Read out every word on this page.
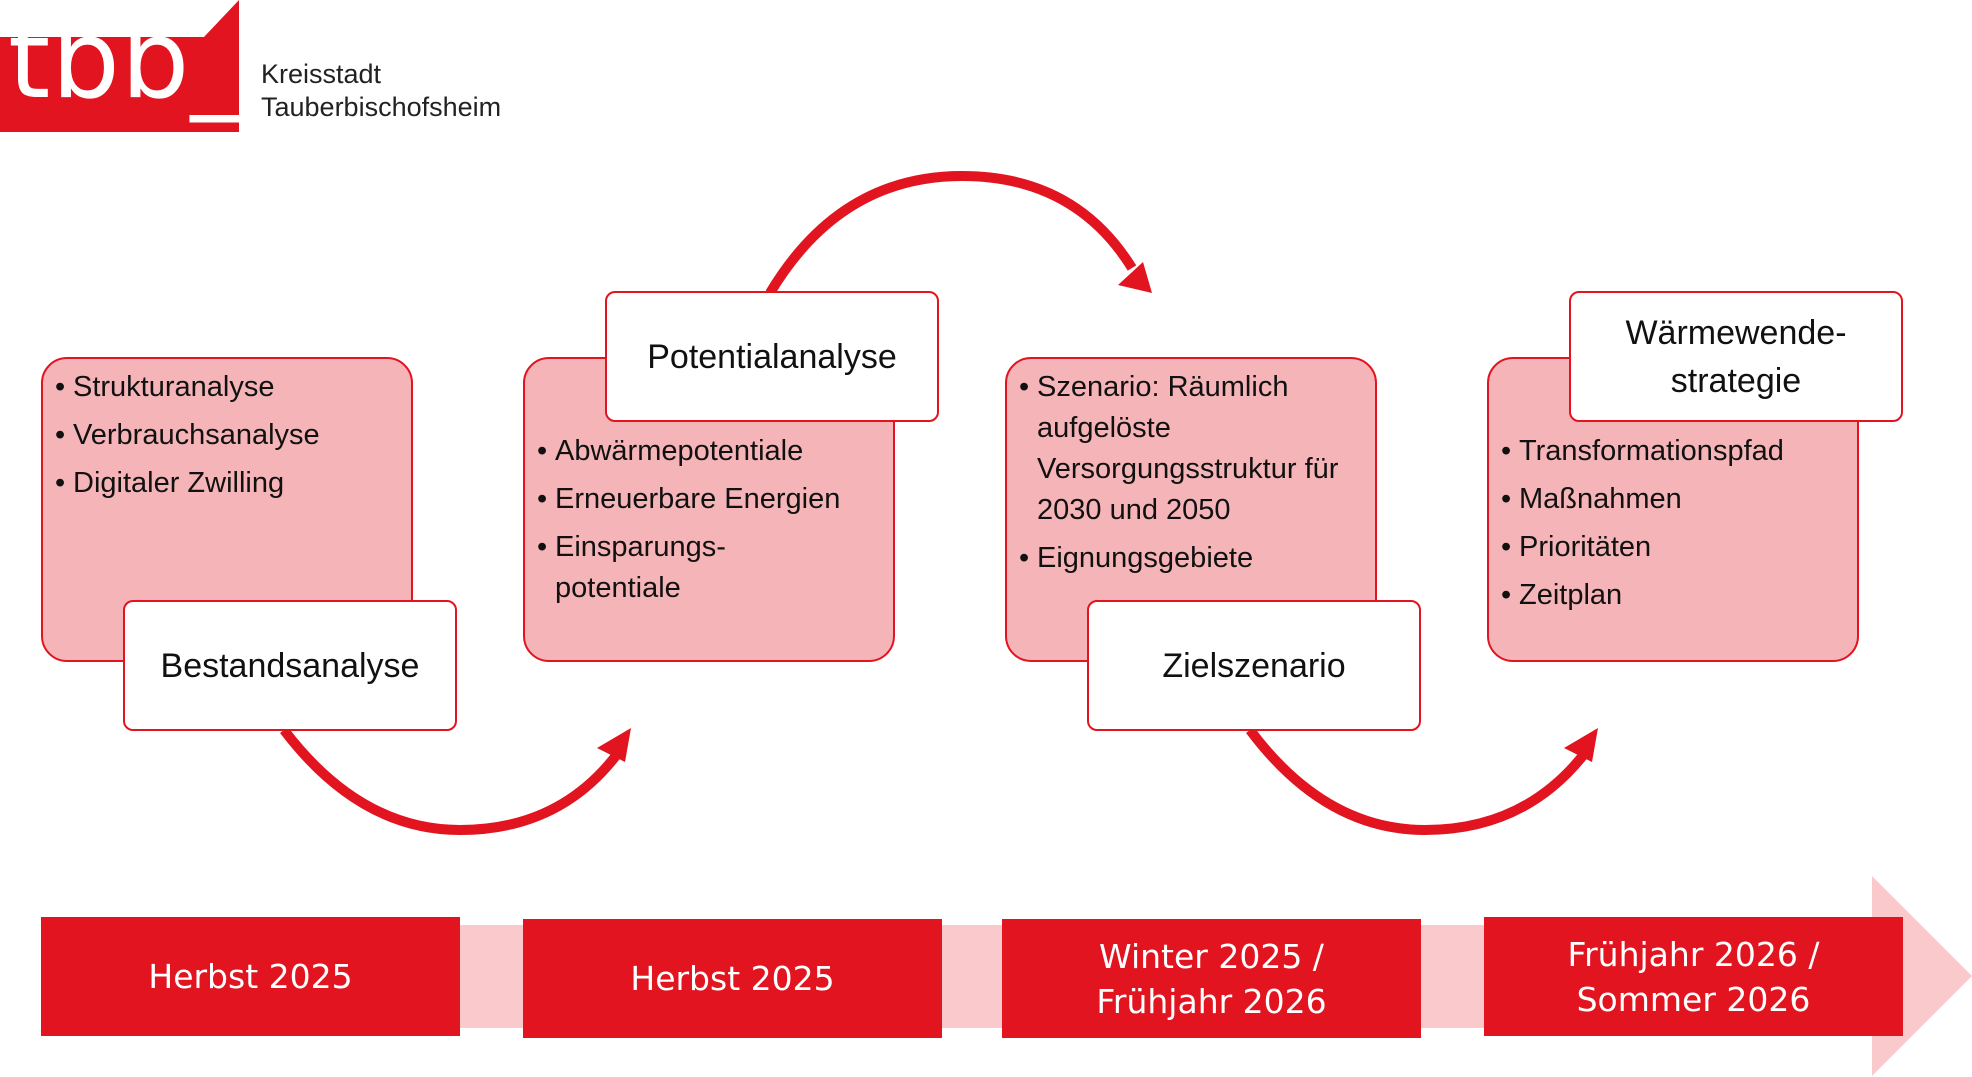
tbb_ Kreisstadt
Tauberbischofsheim
• Strukturanalyse
• Verbrauchsanalyse
• Digitaler Zwilling
Bestandsanalyse
• Abwärmepotentiale
• Erneuerbare Energien
• Einsparungs-
potentiale
Potentialanalyse
• Szenario: Räumlich aufgelöste Versorgungsstruktur für 2030 und 2050
• Eignungsgebiete
Zielszenario
• Transformationspfad
• Maßnahmen
• Prioritäten
• Zeitplan
Wärmewende-
strategie
Herbst 2025	Herbst 2025
Winter 2025 /
Frühjahr 2026
Frühjahr 2026 /
Sommer 2026
